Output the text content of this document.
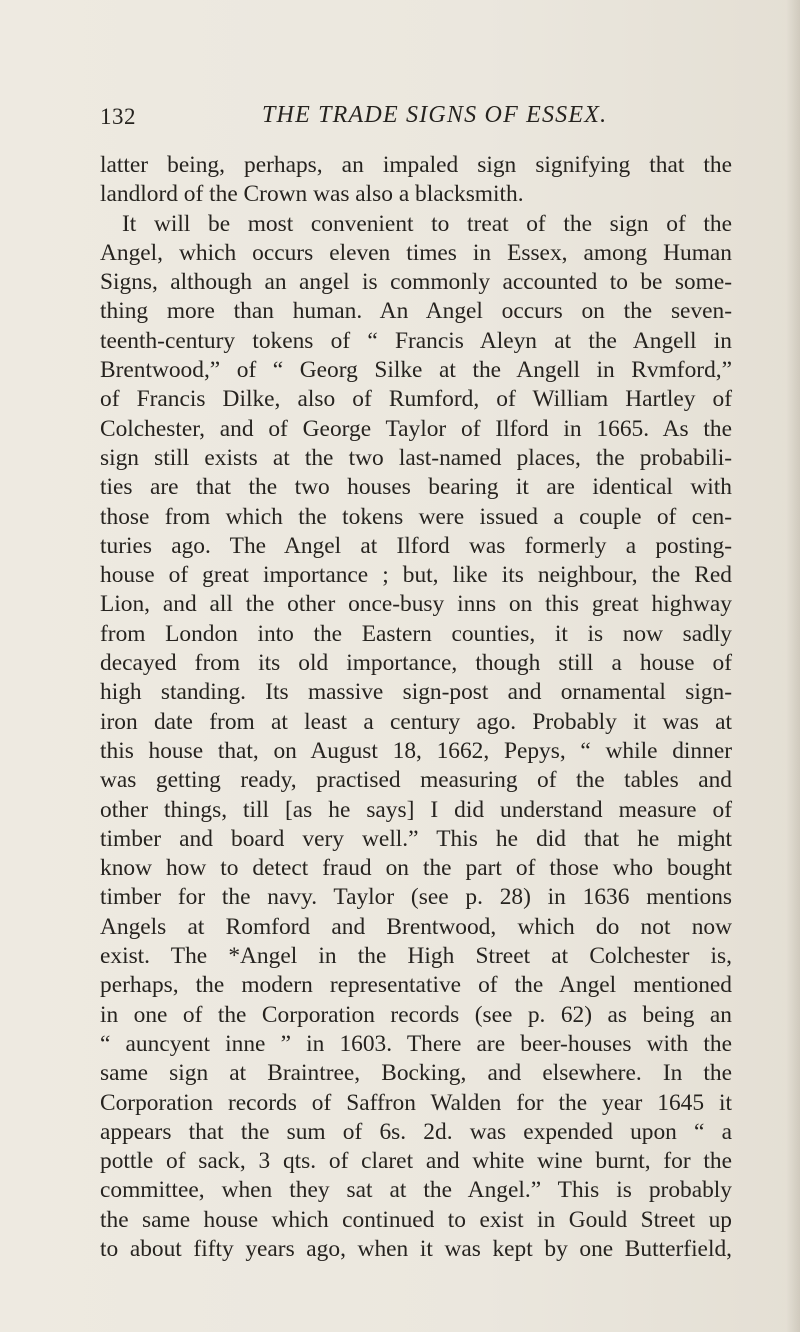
132	THE TRADE SIGNS OF ESSEX.
latter being, perhaps, an impaled sign signifying that the
landlord of the Crown was also a blacksmith.
It will be most convenient to treat of the sign of the
Angel, which occurs eleven times in Essex, among Human
Signs, although an angel is commonly accounted to be some-
thing more than human. An Angel occurs on the seven-
teenth-century tokens of “ Francis Aleyn at the Angell in
Brentwood,” of “ Georg Silke at the Angell in Rvmford,”
of Francis Dilke, also of Rumford, of William Hartley of
Colchester, and of George Taylor of Ilford in 1665. As the
sign still exists at the two last-named places, the probabili-
ties are that the two houses bearing it are identical with
those from which the tokens were issued a couple of cen-
turies ago. The Angel at Ilford was formerly a posting-
house of great importance ; but, like its neighbour, the Red
Lion, and all the other once-busy inns on this great highway
from London into the Eastern counties, it is now sadly
decayed from its old importance, though still a house of
high standing. Its massive sign-post and ornamental sign-
iron date from at least a century ago. Probably it was at
this house that, on August 18, 1662, Pepys, “ while dinner
was getting ready, practised measuring of the tables and
other things, till [as he says] I did understand measure of
timber and board very well.” This he did that he might
know how to detect fraud on the part of those who bought
timber for the navy. Taylor (see p. 28) in 1636 mentions
Angels at Romford and Brentwood, which do not now
exist. The *Angel in the High Street at Colchester is,
perhaps, the modern representative of the Angel mentioned
in one of the Corporation records (see p. 62) as being an
“ auncyent inne ” in 1603. There are beer-houses with the
same sign at Braintree, Bocking, and elsewhere. In the
Corporation records of Saffron Walden for the year 1645 it
appears that the sum of 6s. 2d. was expended upon “ a
pottle of sack, 3 qts. of claret and white wine burnt, for the
committee, when they sat at the Angel.” This is probably
the same house which continued to exist in Gould Street up
to about fifty years ago, when it was kept by one Butterfield,
